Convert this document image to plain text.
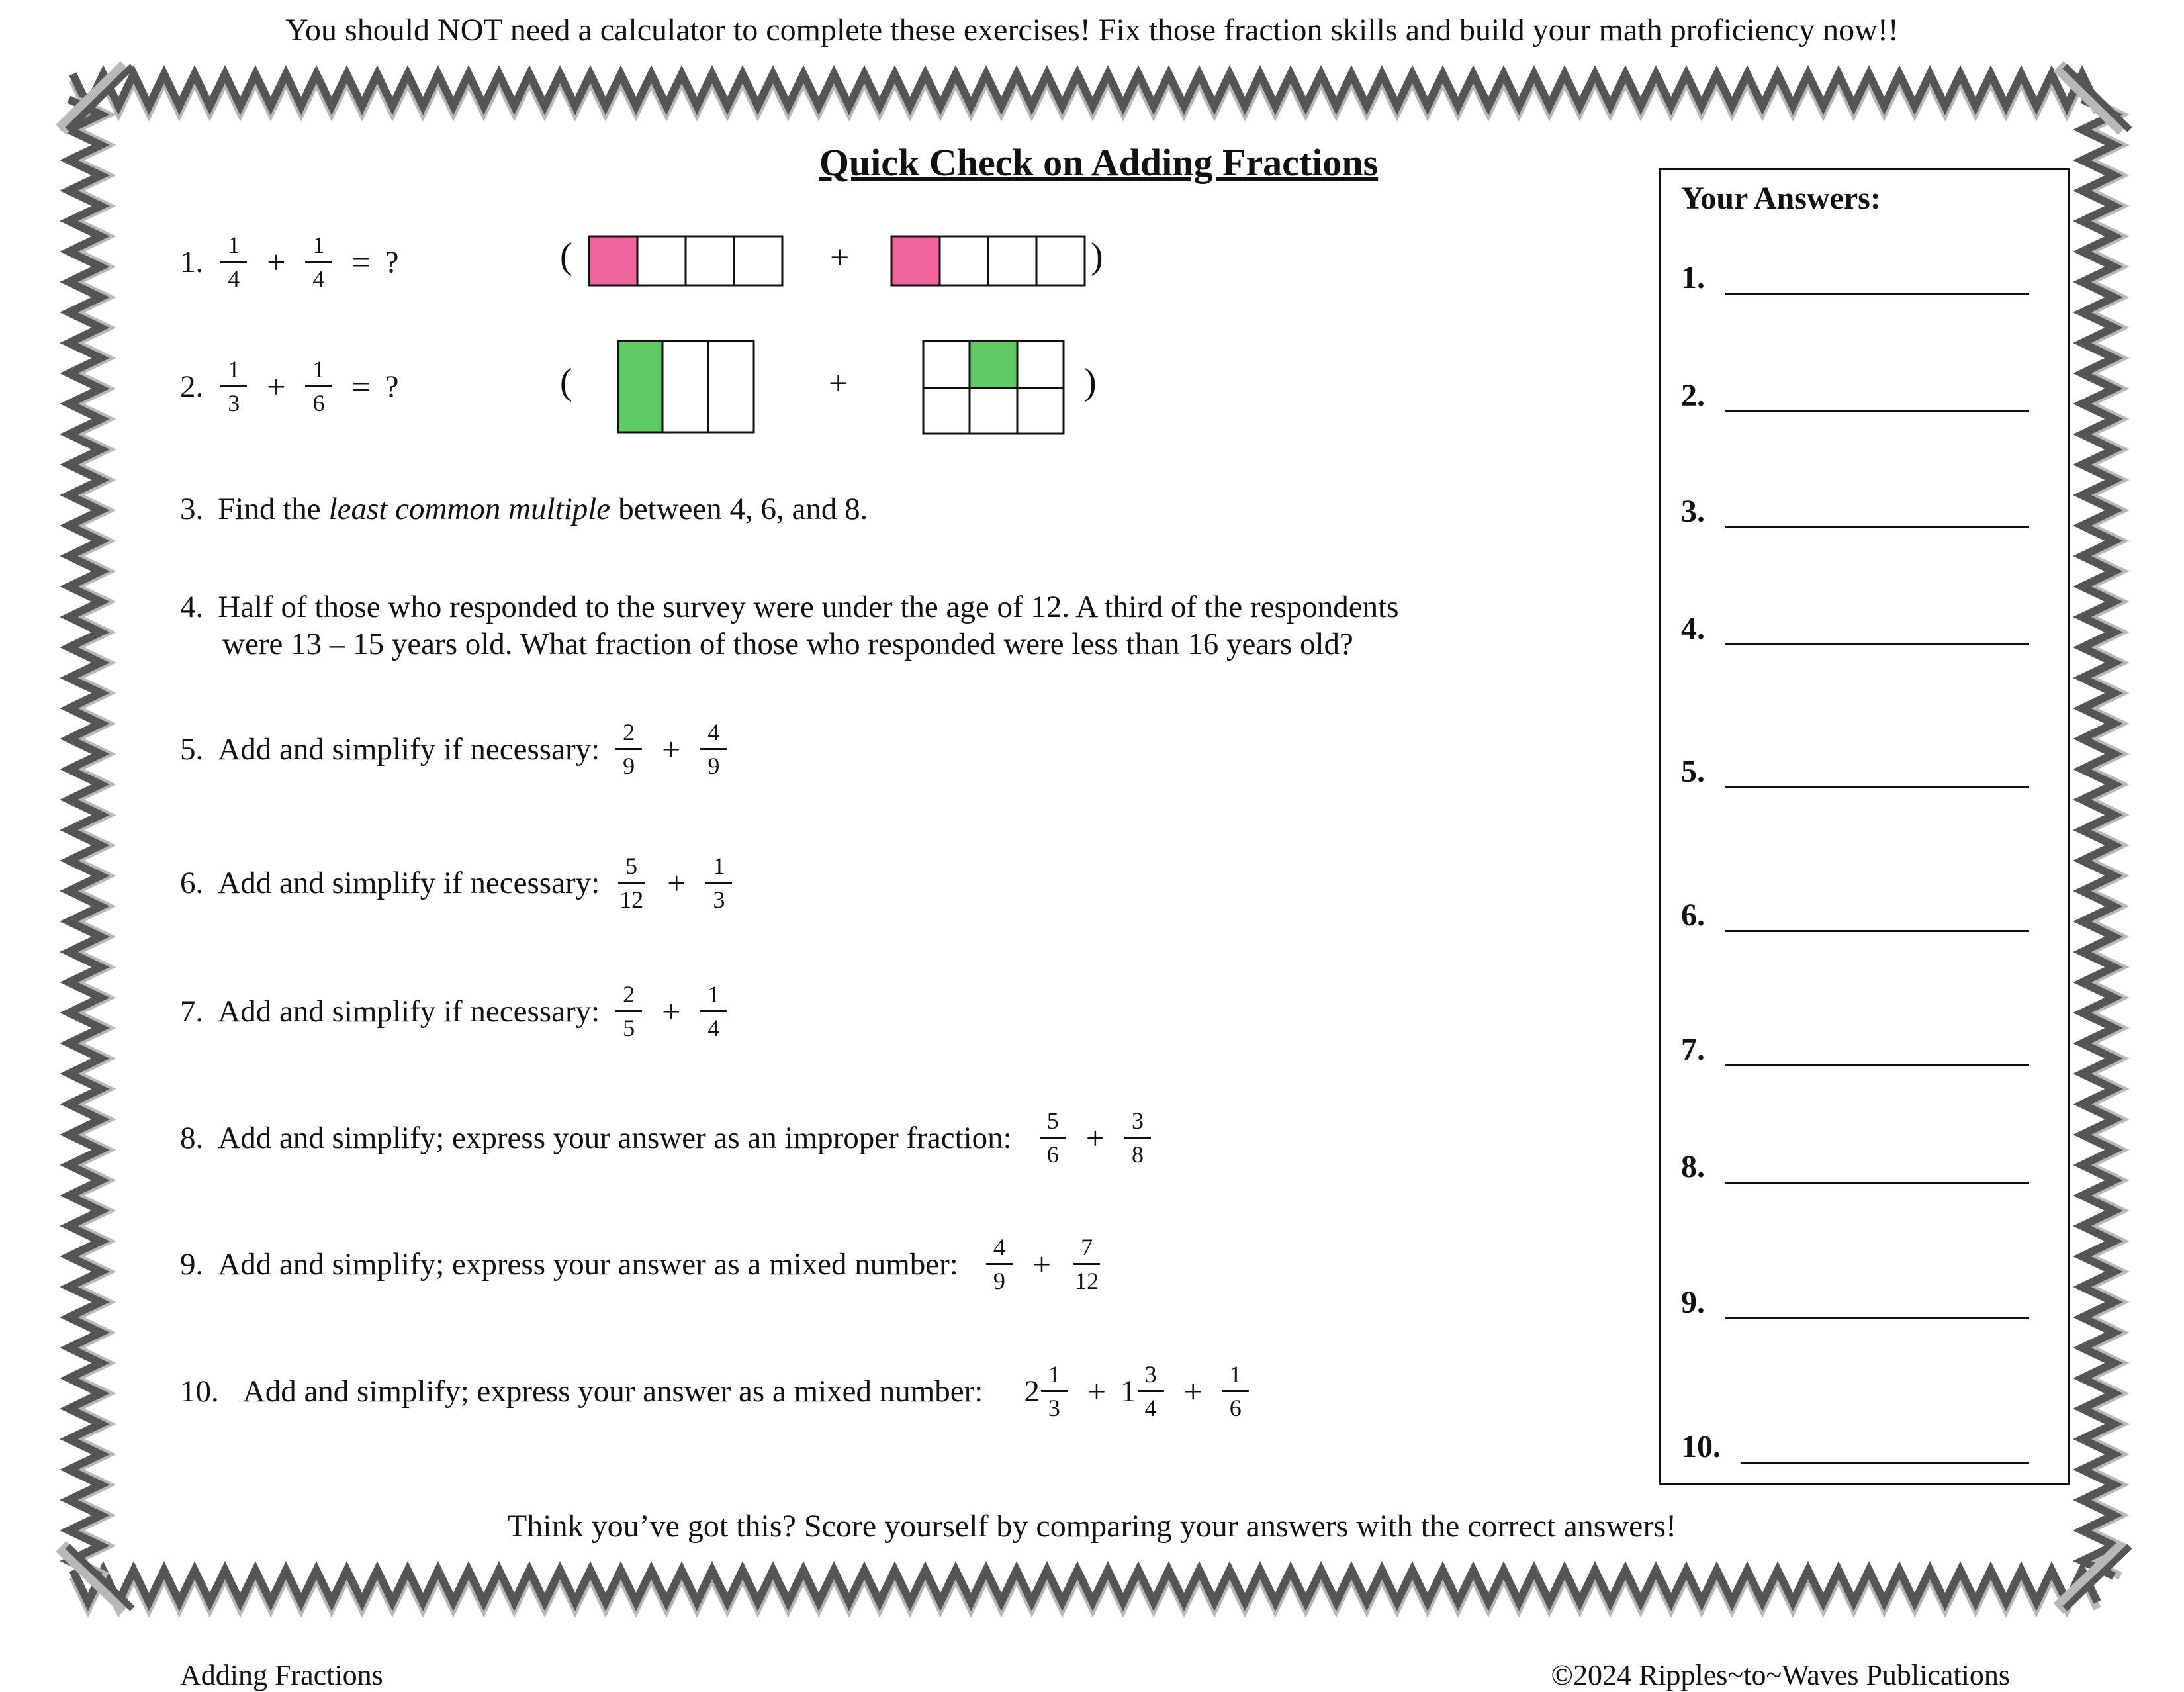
You should NOT need a calculator to complete these exercises! Fix those fraction skills and build your math proficiency now!!
Quick Check on Adding Fractions
1. $\frac{1}{4} + \frac{1}{4}$ = ?	(	+	)
2. $\frac{1}{3} + \frac{1}{6}$ = ?	(	+	)
3. Find the least common multiple between 4, 6, and 8.
4. Half of those who responded to the survey were under the age of 12. A third of the respondents
were 13 – 15 years old. What fraction of those who responded were less than 16 years old?
5. Add and simplify if necessary: $\frac{2}{9} + \frac{4}{9}$
6. Add and simplify if necessary: $\frac{5}{12} + \frac{1}{3}$
7. Add and simplify if necessary: $\frac{2}{5} + \frac{1}{4}$
8. Add and simplify; express your answer as an improper fraction: $\frac{5}{6} + \frac{3}{8}$
9. Add and simplify; express your answer as a mixed number: $\frac{4}{9} + \frac{7}{12}$
10. Add and simplify; express your answer as a mixed number: $2 \frac{1}{3} + 1 \frac{3}{4} + \frac{1}{6}$
Your Answers:
1.
2.
3.
4.
5.
6.
7.
8.
9.
10.
Think you’ve got this? Score yourself by comparing your answers with the correct answers!
Adding Fractions	©2024 Ripples~to~Waves Publications
